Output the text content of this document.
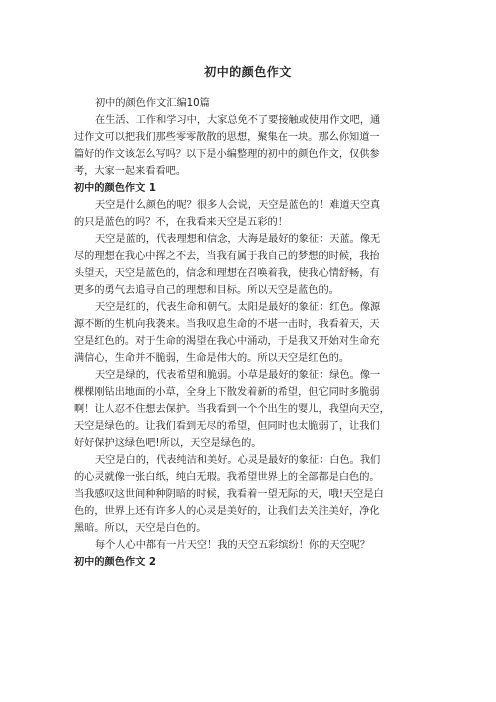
初中的颜色作文
初中的颜色作文汇编10篇
在生活、工作和学习中，大家总免不了要接触或使用作文吧，通
过作文可以把我们那些零零散散的思想，聚集在一块。那么你知道一
篇好的作文该怎么写吗？以下是小编整理的初中的颜色作文，仅供参
考，大家一起来看看吧。
初中的颜色作文 1
天空是什么颜色的呢？很多人会说，天空是蓝色的！难道天空真
的只是蓝色的吗？不，在我看来天空是五彩的！
天空是蓝的，代表理想和信念，大海是最好的象征：天蓝。像无
尽的理想在我心中挥之不去，当我有属于我自己的梦想的时候，我抬
头望天，天空是蓝色的，信念和理想在召唤着我，使我心情舒畅，有
更多的勇气去追寻自己的理想和目标。所以天空是蓝色的。
天空是红的，代表生命和朝气。太阳是最好的象征：红色。像源
源不断的生机向我袭来。当我叹息生命的不堪一击时，我看着天，天
空是红色的。对于生命的渴望在我心中涌动，于是我又开始对生命充
满信心，生命并不脆弱，生命是伟大的。所以天空是红色的。
天空是绿的，代表希望和脆弱。小草是最好的象征：绿色。像一
棵棵刚钻出地面的小草，全身上下散发着新的希望，但它同时多脆弱
啊！让人忍不住想去保护。当我看到一个个出生的婴儿，我望向天空，
天空是绿色的。让我们看到无尽的希望，但同时也太脆弱了，让我们
好好保护这绿色吧!所以，天空是绿色的。
天空是白的，代表纯洁和美好。心灵是最好的象征：白色。我们
的心灵就像一张白纸，纯白无瑕。我希望世界上的全部都是白色的。
当我感叹这世间种种阴暗的时候，我看着一望无际的天，哦!天空是白
色的，世界上还有许多人的心灵是美好的，让我们去关注美好，净化
黑暗。所以，天空是白色的。
每个人心中都有一片天空！我的天空五彩缤纷！你的天空呢？
初中的颜色作文 2
